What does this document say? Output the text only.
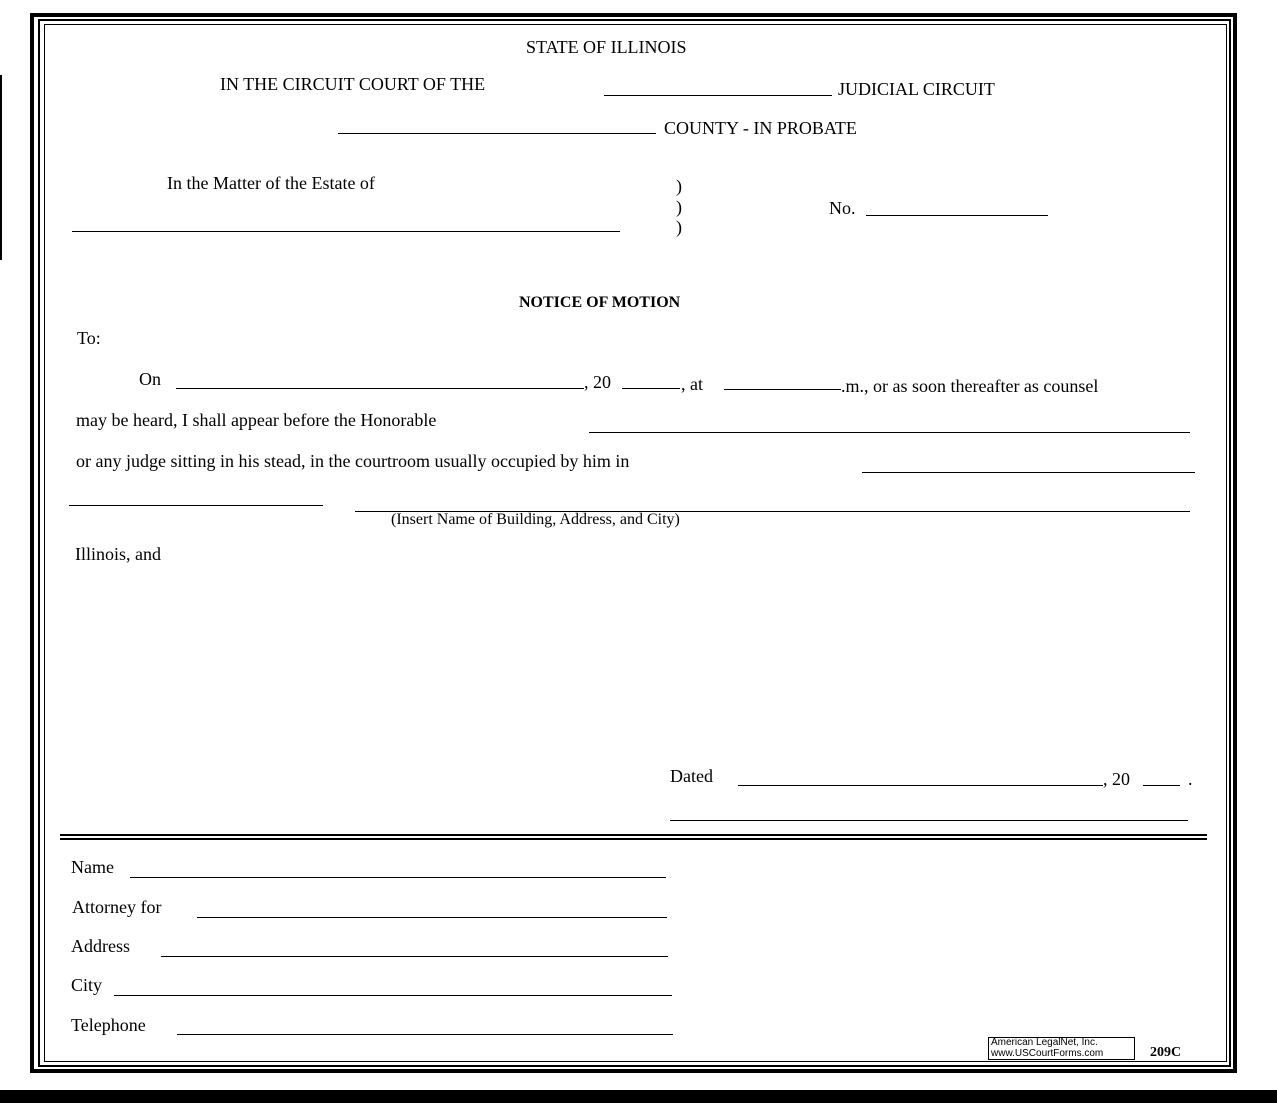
STATE OF ILLINOIS
IN THE CIRCUIT COURT OF THE	JUDICIAL CIRCUIT
COUNTY - IN PROBATE
In the Matter of the Estate of	)
)
)
No.
NOTICE OF MOTION
To:
On	, 20	, at	.m., or as soon thereafter as counsel
may be heard, I shall appear before the Honorable
or any judge sitting in his stead, in the courtroom usually occupied by him in
(Insert Name of Building, Address, and City)
Illinois, and
Dated	, 20	.
Name
Attorney for
Address
City
Telephone
American LegalNet, Inc.
www.USCourtForms.com	209C
